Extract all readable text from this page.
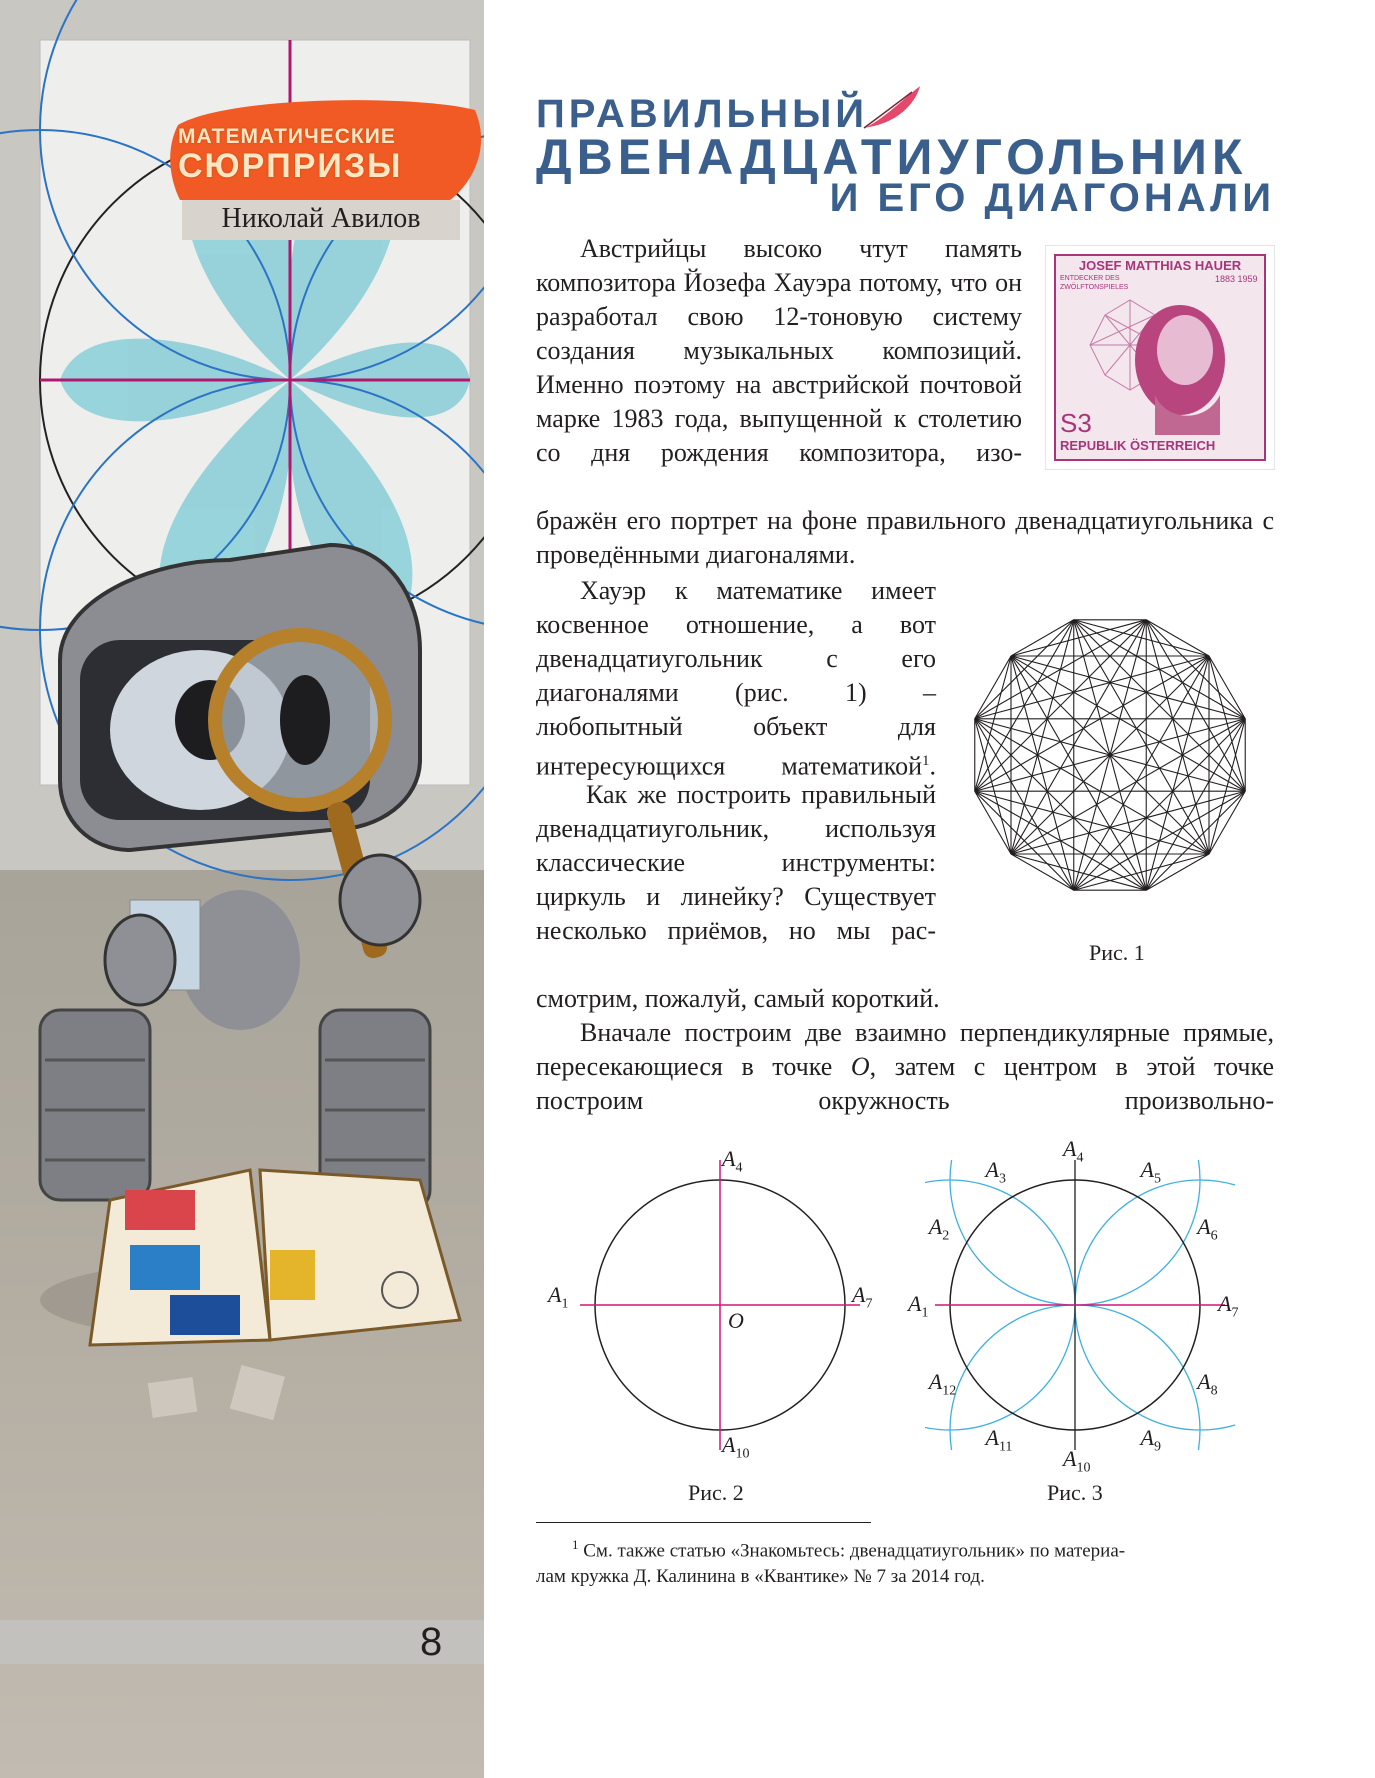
МАТЕМАТИЧЕСКИЕ
СЮРПРИЗЫ
Николай Авилов
8
ПРАВИЛЬНЫЙ
ДВЕНАДЦАТИУГОЛЬНИК
И ЕГО ДИАГОНАЛИ
JOSEF MATTHIAS HAUER
ENTDECKER DES ZWÖLFTONSPIELES
1883 1959
S3
REPUBLIK ÖSTERREICH
Австрийцы высоко чтут память композитора Йозефа Хауэра потому, что он разработал свою 12-тоновую систему создания музыкальных композиций. Именно поэтому на австрийской почтовой марке 1983 года, выпущенной к столетию со дня рождения композитора, изо-
бражён его портрет на фоне правильного двенадцатиугольника с проведёнными диагоналями.
Хауэр к математике имеет косвенное отношение, а вот двенадцатиугольник с его диагоналями (рис. 1) – любопытный объект для интересующихся математикой$^1$.
Как же построить правильный двенадцатиугольник, используя классические инструменты: циркуль и линейку? Существует несколько приёмов, но мы рас-
смотрим, пожалуй, самый короткий.
Вначале построим две взаимно перпендикулярные прямые, пересекающиеся в точке O, затем с центром в этой точке построим окружность произвольно-
Рис. 1
$A_4$
$A_1$	$A_7$
O
$A_{10}$
Рис. 2
$A_1$
$A_2$
$A_3$
$A_4$	$A_5$
$A_6$
$A_7$
$A_8$
$A_9$
$A_{10}$
$A_{11}$
$A_{12}$
Рис. 3
$^1$ См. также статью «Знакомьтесь: двенадцатиугольник» по материа-
лам кружка Д. Калинина в «Квантике» № 7 за 2014 год.
